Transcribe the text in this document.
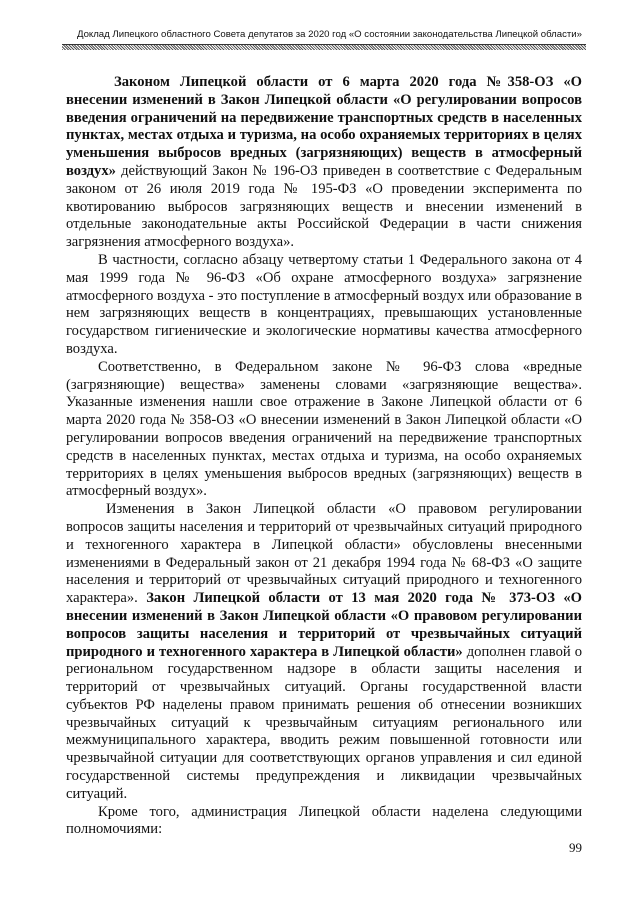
Доклад Липецкого областного Совета депутатов за 2020 год «О состоянии законодательства Липецкой области»

Законом Липецкой области от 6 марта 2020 года №358-ОЗ «О внесении изменений в Закон Липецкой области «О регулировании вопросов введения ограничений на передвижение транспортных средств в населенных пунктах, местах отдыха и туризма, на особо охраняемых территориях в целях уменьшения выбросов вредных (загрязняющих) веществ в атмосферный воздух» действующий Закон № 196-ОЗ приведен в соответствие с Федеральным законом от 26 июля 2019 года № 195-ФЗ «О проведении эксперимента по квотированию выбросов загрязняющих веществ и внесении изменений в отдельные законодательные акты Российской Федерации в части снижения загрязнения атмосферного воздуха».

В частности, согласно абзацу четвертому статьи 1 Федерального закона от 4 мая 1999 года № 96-ФЗ «Об охране атмосферного воздуха» загрязнение атмосферного воздуха - это поступление в атмосферный воздух или образование в нем загрязняющих веществ в концентрациях, превышающих установленные государством гигиенические и экологические нормативы качества атмосферного воздуха.

Соответственно, в Федеральном законе № 96-ФЗ слова «вредные (загрязняющие) вещества» заменены словами «загрязняющие вещества». Указанные изменения нашли свое отражение в Законе Липецкой области от 6 марта 2020 года № 358-ОЗ «О внесении изменений в Закон Липецкой области «О регулировании вопросов введения ограничений на передвижение транспортных средств в населенных пунктах, местах отдыха и туризма, на особо охраняемых территориях в целях уменьшения выбросов вредных (загрязняющих) веществ в атмосферный воздух».

Изменения в Закон Липецкой области «О правовом регулировании вопросов защиты населения и территорий от чрезвычайных ситуаций природного и техногенного характера в Липецкой области» обусловлены внесенными изменениями в Федеральный закон от 21 декабря 1994 года № 68-ФЗ «О защите населения и территорий от чрезвычайных ситуаций природного и техногенного характера». Закон Липецкой области от 13 мая 2020 года № 373-ОЗ «О внесении изменений в Закон Липецкой области «О правовом регулировании вопросов защиты населения и территорий от чрезвычайных ситуаций природного и техногенного характера в Липецкой области» дополнен главой о региональном государственном надзоре в области защиты населения и территорий от чрезвычайных ситуаций. Органы государственной власти субъектов РФ наделены правом принимать решения об отнесении возникших чрезвычайных ситуаций к чрезвычайным ситуациям регионального или межмуниципального характера, вводить режим повышенной готовности или чрезвычайной ситуации для соответствующих органов управления и сил единой государственной системы предупреждения и ликвидации чрезвычайных ситуаций.

Кроме того, администрация Липецкой области наделена следующими полномочиями:

99
